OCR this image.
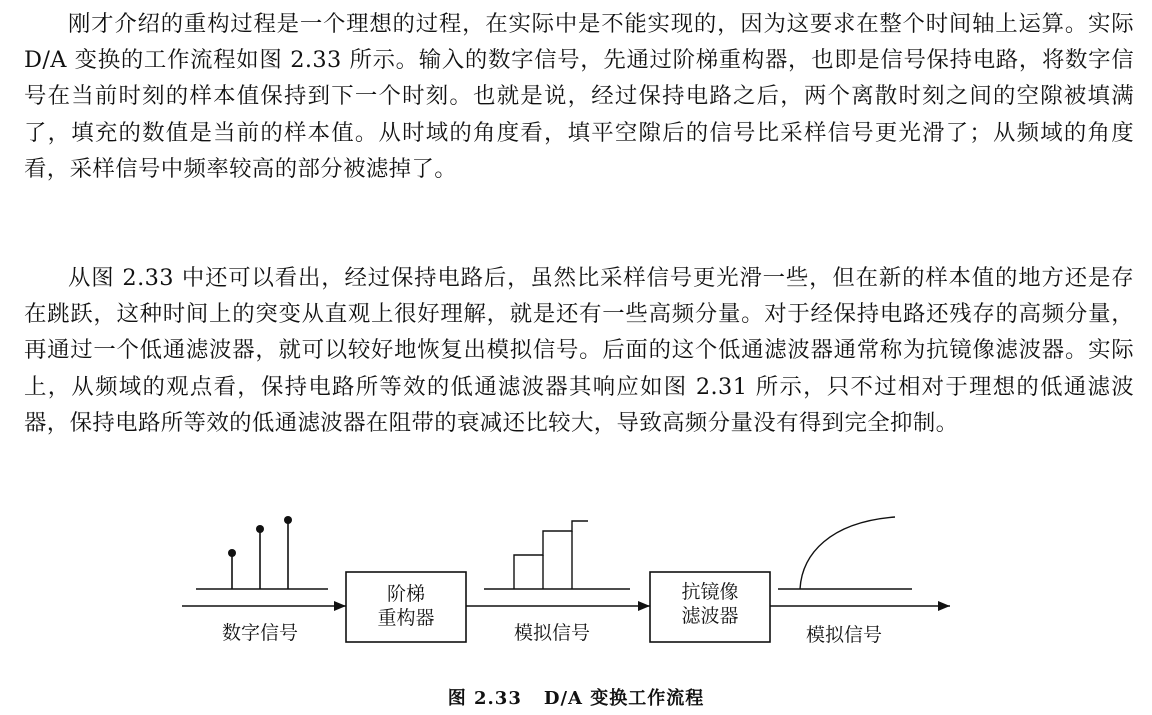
刚才介绍的重构过程是一个理想的过程，在实际中是不能实现的，因为这要求在整个时间轴上运算。实际 D/A 变换的工作流程如图 2.33 所示。输入的数字信号，先通过阶梯重构器，也即是信号保持电路，将数字信号在当前时刻的样本值保持到下一个时刻。也就是说，经过保持电路之后，两个离散时刻之间的空隙被填满了，填充的数值是当前的样本值。从时域的角度看，填平空隙后的信号比采样信号更光滑了；从频域的角度看，采样信号中频率较高的部分被滤掉了。

从图 2.33 中还可以看出，经过保持电路后，虽然比采样信号更光滑一些，但在新的样本值的地方还是存在跳跃，这种时间上的突变从直观上很好理解，就是还有一些高频分量。对于经保持电路还残存的高频分量，再通过一个低通滤波器，就可以较好地恢复出模拟信号。后面的这个低通滤波器通常称为抗镜像滤波器。实际上，从频域的观点看，保持电路所等效的低通滤波器其响应如图 2.31 所示，只不过相对于理想的低通滤波器，保持电路所等效的低通滤波器在阻带的衰减还比较大，导致高频分量没有得到完全抑制。

数字信号
阶梯
重构器
模拟信号
抗镜像
滤波器
模拟信号
图 2.33 D/A 变换工作流程
